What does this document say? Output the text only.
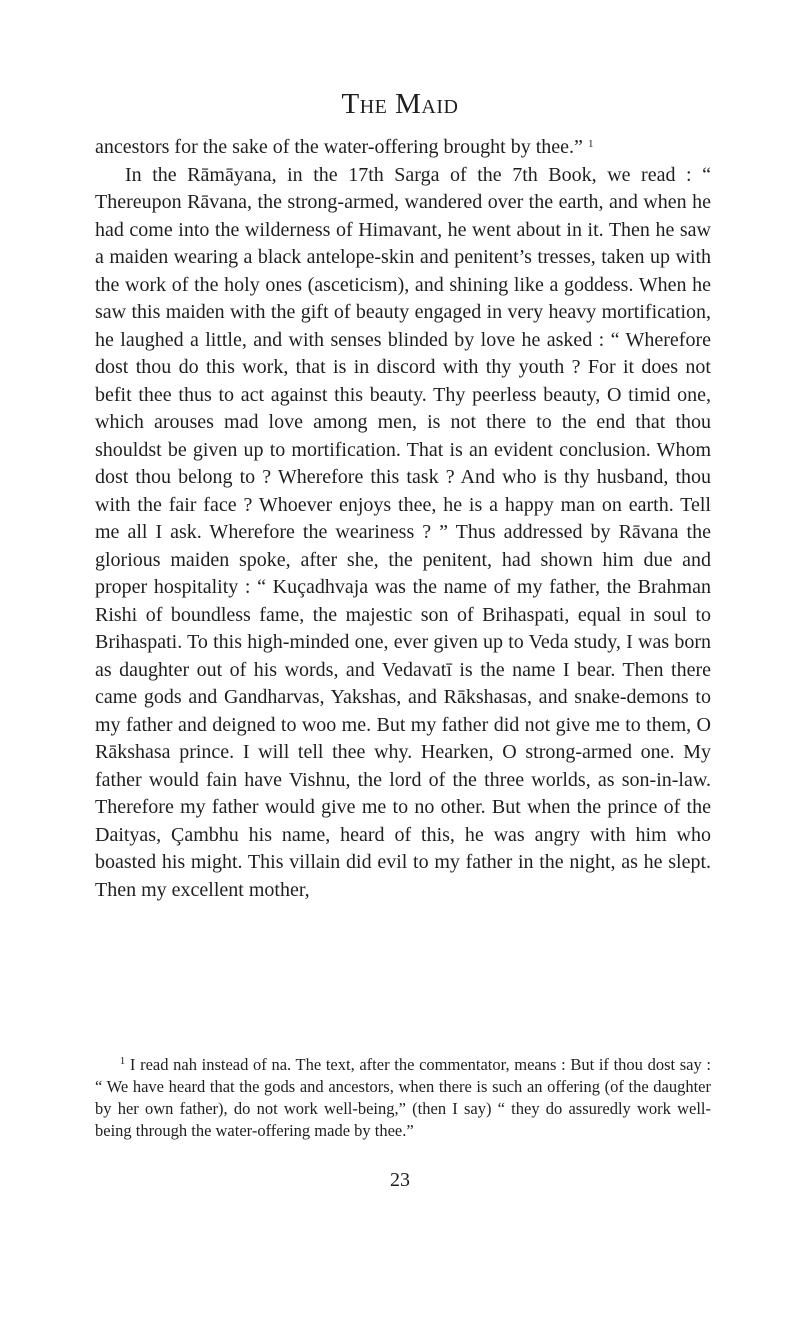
The Maid

ancestors for the sake of the water-offering brought by thee.” $^1$

In the Rāmāyana, in the 17th Sarga of the 7th Book, we read : “ Thereupon Rāvana, the strong-armed, wandered over the earth, and when he had come into the wilderness of Himavant, he went about in it. Then he saw a maiden wearing a black antelope-skin and penitent’s tresses, taken up with the work of the holy ones (asceticism), and shining like a goddess. When he saw this maiden with the gift of beauty engaged in very heavy mortification, he laughed a little, and with senses blinded by love he asked : “ Wherefore dost thou do this work, that is in discord with thy youth ? For it does not befit thee thus to act against this beauty. Thy peerless beauty, O timid one, which arouses mad love among men, is not there to the end that thou shouldst be given up to mortification. That is an evident conclusion. Whom dost thou belong to ? Wherefore this task ? And who is thy husband, thou with the fair face ? Whoever enjoys thee, he is a happy man on earth. Tell me all I ask. Wherefore the weariness ? ” Thus addressed by Rāvana the glorious maiden spoke, after she, the penitent, had shown him due and proper hospitality : “ Kuçadhvaja was the name of my father, the Brahman Rishi of boundless fame, the majestic son of Brihaspati, equal in soul to Brihaspati. To this high-minded one, ever given up to Veda study, I was born as daughter out of his words, and Vedavatī is the name I bear. Then there came gods and Gandharvas, Yakshas, and Rākshasas, and snake-demons to my father and deigned to woo me. But my father did not give me to them, O Rākshasa prince. I will tell thee why. Hearken, O strong-armed one. My father would fain have Vishnu, the lord of the three worlds, as son-in-law. Therefore my father would give me to no other. But when the prince of the Daityas, Çambhu his name, heard of this, he was angry with him who boasted his might. This villain did evil to my father in the night, as he slept. Then my excellent mother,

$^1$ I read nah instead of na. The text, after the commentator, means : But if thou dost say : “ We have heard that the gods and ancestors, when there is such an offering (of the daughter by her own father), do not work well-being,” (then I say) “ they do assuredly work well-being through the water-offering made by thee.”

23
